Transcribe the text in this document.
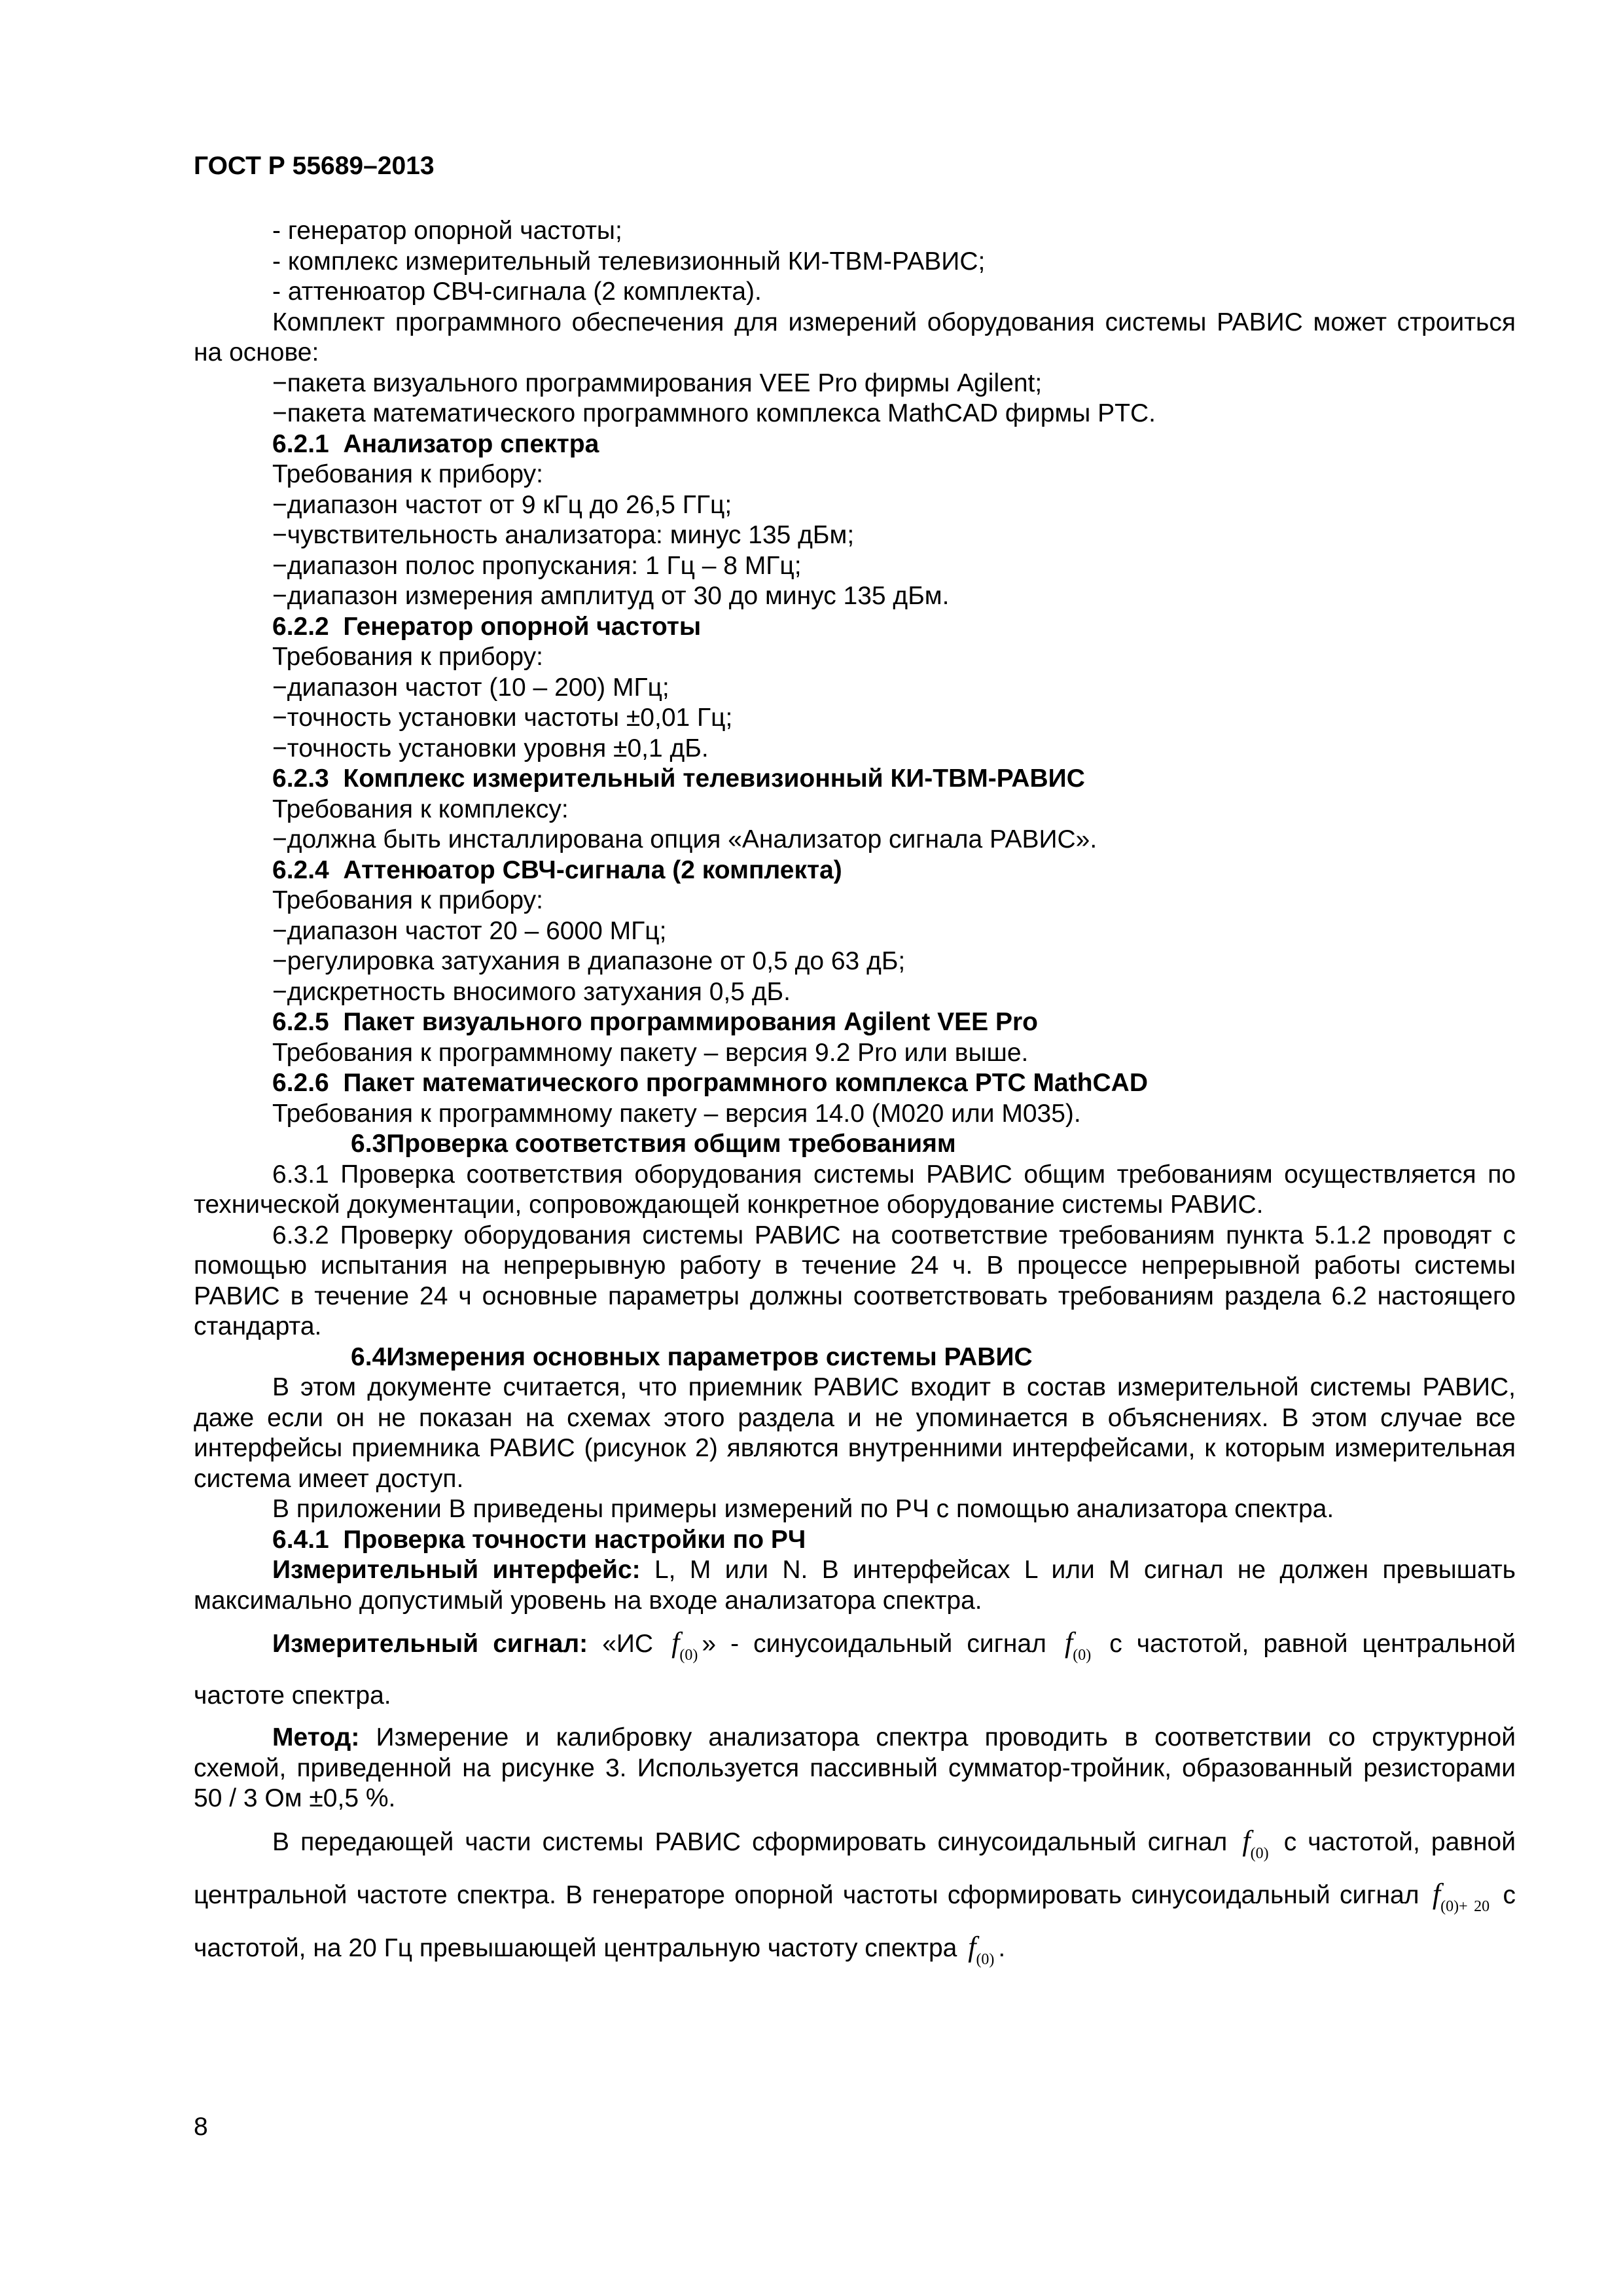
ГОСТ Р 55689–2013

- генератор опорной частоты;

- комплекс измерительный телевизионный КИ-ТВМ-РАВИС;

- аттенюатор СВЧ-сигнала (2 комплекта).

Комплект программного обеспечения для измерений оборудования системы РАВИС может строиться на основе:

−пакета визуального программирования VEE Pro фирмы Agilent;

−пакета математического программного комплекса MathCAD фирмы PTC.

6.2.1 Анализатор спектра

Требования к прибору:

−диапазон частот от 9 кГц до 26,5 ГГц;

−чувствительность анализатора: минус 135 дБм;

−диапазон полос пропускания: 1 Гц – 8 МГц;

−диапазон измерения амплитуд от 30 до минус 135 дБм.

6.2.2 Генератор опорной частоты

Требования к прибору:

−диапазон частот (10 – 200) МГц;

−точность установки частоты ±0,01 Гц;

−точность установки уровня ±0,1 дБ.

6.2.3 Комплекс измерительный телевизионный КИ-ТВМ-РАВИС

Требования к комплексу:

−должна быть инсталлирована опция «Анализатор сигнала РАВИС».

6.2.4 Аттенюатор СВЧ-сигнала (2 комплекта)

Требования к прибору:

−диапазон частот 20 – 6000 МГц;

−регулировка затухания в диапазоне от 0,5 до 63 дБ;

−дискретность вносимого затухания 0,5 дБ.

6.2.5 Пакет визуального программирования Agilent VEE Pro

Требования к программному пакету – версия 9.2 Pro или выше.

6.2.6 Пакет математического программного комплекса PTC MathCAD

Требования к программному пакету – версия 14.0 (М020 или М035).

6.3Проверка соответствия общим требованиям

6.3.1 Проверка соответствия оборудования системы РАВИС общим требованиям осуществляется по технической документации, сопровождающей конкретное оборудование системы РАВИС.

6.3.2 Проверку оборудования системы РАВИС на соответствие требованиям пункта 5.1.2 проводят с помощью испытания на непрерывную работу в течение 24 ч. В процессе непрерывной работы системы РАВИС в течение 24 ч основные параметры должны соответствовать требованиям раздела 6.2 настоящего стандарта.

6.4Измерения основных параметров системы РАВИС

В этом документе считается, что приемник РАВИС входит в состав измерительной системы РАВИС, даже если он не показан на схемах этого раздела и не упоминается в объяснениях. В этом случае все интерфейсы приемника РАВИС (рисунок 2) являются внутренними интерфейсами, к которым измерительная система имеет доступ.

В приложении В приведены примеры измерений по РЧ с помощью анализатора спектра.

6.4.1 Проверка точности настройки по РЧ

Измерительный интерфейс: L, M или N. В интерфейсах L или M сигнал не должен превышать максимально допустимый уровень на входе анализатора спектра.

Измерительный сигнал: «ИС $f_{(0)}$ » - синусоидальный сигнал $f_{(0)}$ с частотой, равной центральной частоте спектра.

Метод: Измерение и калибровку анализатора спектра проводить в соответствии со структурной схемой, приведенной на рисунке 3. Используется пассивный сумматор-тройник, образованный резисторами 50 / 3 Ом ±0,5 %.

В передающей части системы РАВИС сформировать синусоидальный сигнал $f_{(0)}$ с частотой, равной центральной частоте спектра. В генераторе опорной частоты сформировать синусоидальный сигнал $f_{(0)+ 20}$ с частотой, на 20 Гц превышающей центральную частоту спектра $f_{(0)}$ .

8
